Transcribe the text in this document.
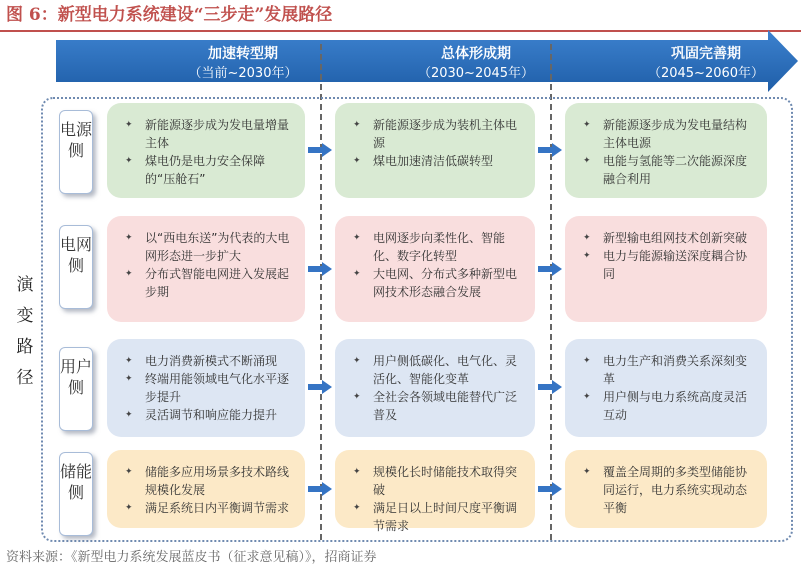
图 6：新型电力系统建设“三步走”发展路径
加速转型期
（当前~2030年）
总体形成期
（2030~2045年）
巩固完善期
（2045~2060年）
演变路径
电源侧
✦ 新能源逐步成为发电量增量主体
✦ 煤电仍是电力安全保障的“压舱石”
✦ 新能源逐步成为装机主体电源
✦ 煤电加速清洁低碳转型
✦ 新能源逐步成为发电量结构主体电源
✦ 电能与氢能等二次能源深度融合利用
电网侧
✦ 以“西电东送”为代表的大电网形态进一步扩大
✦ 分布式智能电网进入发展起步期
✦ 电网逐步向柔性化、智能化、数字化转型
✦ 大电网、分布式多种新型电网技术形态融合发展
✦ 新型输电组网技术创新突破
✦ 电力与能源输送深度耦合协同
用户侧
✦ 电力消费新模式不断涌现
✦ 终端用能领域电气化水平逐步提升
✦ 灵活调节和响应能力提升
✦ 用户侧低碳化、电气化、灵活化、智能化变革
✦ 全社会各领域电能替代广泛普及
✦ 电力生产和消费关系深刻变革
✦ 用户侧与电力系统高度灵活互动
储能侧
✦ 储能多应用场景多技术路线规模化发展
✦ 满足系统日内平衡调节需求
✦ 规模化长时储能技术取得突破
✦ 满足日以上时间尺度平衡调节需求
✦ 覆盖全周期的多类型储能协同运行，电力系统实现动态平衡
资料来源：《新型电力系统发展蓝皮书（征求意见稿）》，招商证券
